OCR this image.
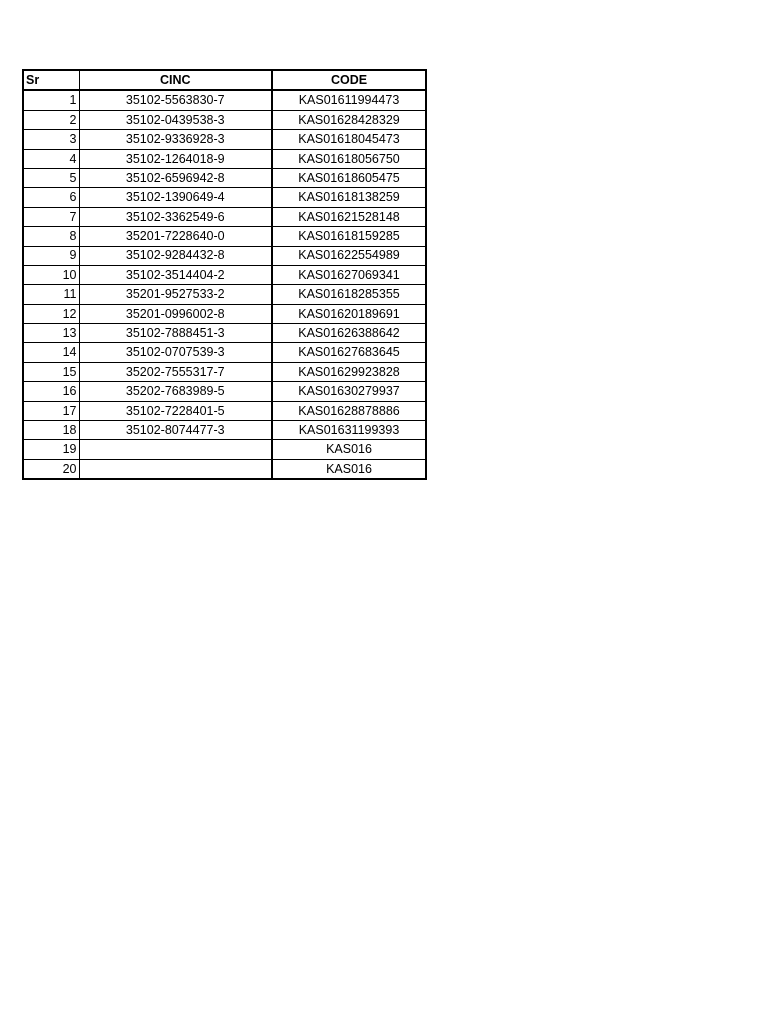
Sr	CINC	CODE
1	35102-5563830-7	KAS01611994473
2	35102-0439538-3	KAS01628428329
3	35102-9336928-3	KAS01618045473
4	35102-1264018-9	KAS01618056750
5	35102-6596942-8	KAS01618605475
6	35102-1390649-4	KAS01618138259
7	35102-3362549-6	KAS01621528148
8	35201-7228640-0	KAS01618159285
9	35102-9284432-8	KAS01622554989
10	35102-3514404-2	KAS01627069341
11	35201-9527533-2	KAS01618285355
12	35201-0996002-8	KAS01620189691
13	35102-7888451-3	KAS01626388642
14	35102-0707539-3	KAS01627683645
15	35202-7555317-7	KAS01629923828
16	35202-7683989-5	KAS01630279937
17	35102-7228401-5	KAS01628878886
18	35102-8074477-3	KAS01631199393
19		KAS016
20		KAS016
